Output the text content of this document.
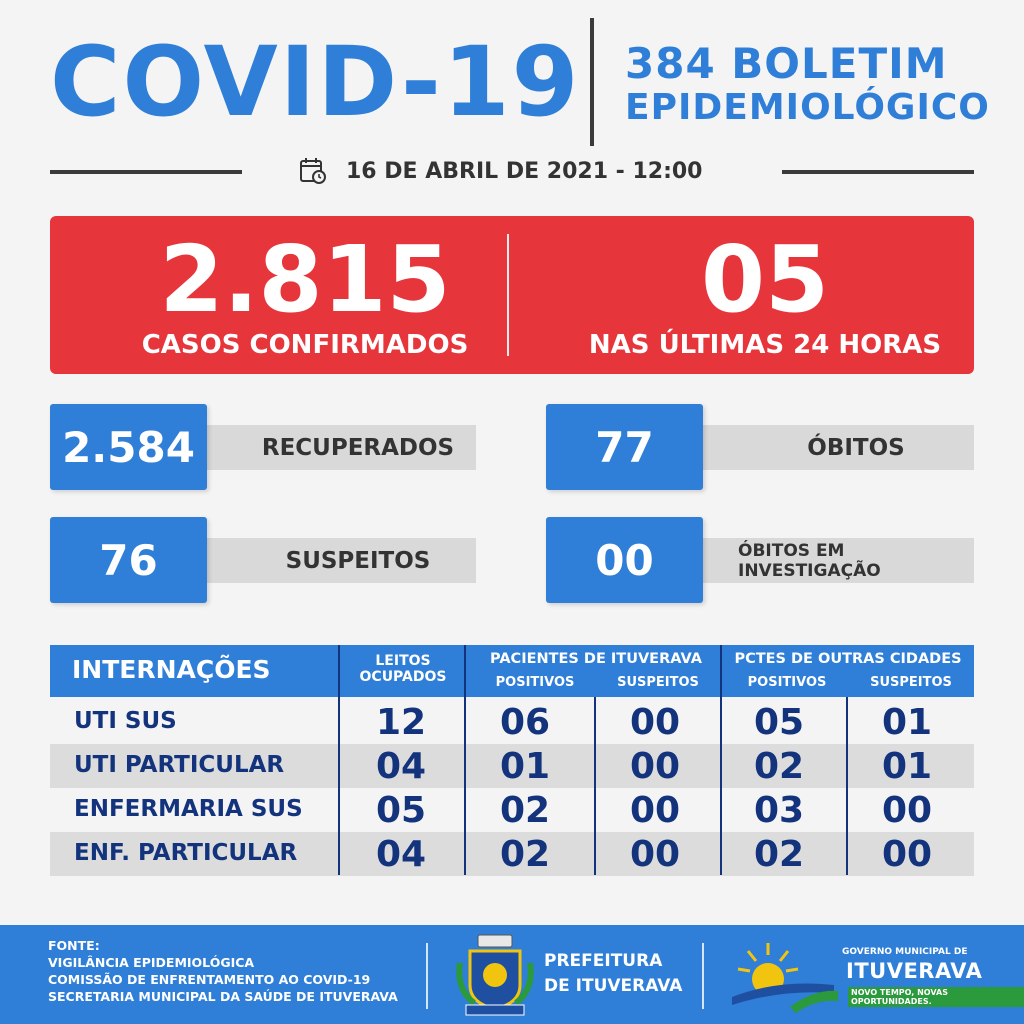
COVID-19 384 BOLETIM
EPIDEMIOLÓGICO
16 DE ABRIL DE 2021 - 12:00
2.815
CASOS CONFIRMADOS
05
NAS ÚLTIMAS 24 HORAS
RECUPERADOS
2.584	ÓBITOS
77
SUSPEITOS
76	ÓBITOS EM INVESTIGAÇÃO
00
INTERNAÇÕES	LEITOS
OCUPADOS
PACIENTES DE ITUVERAVA
POSITIVOS	SUSPEITOS
PCTES DE OUTRAS CIDADES
POSITIVOS	SUSPEITOS
UTI SUS	12	06	00	05	01
UTI PARTICULAR	04	01	00	02	01
ENFERMARIA SUS	05	02	00	03	00
ENF. PARTICULAR	04	02	00	02	00
FONTE:
VIGILÂNCIA EPIDEMIOLÓGICA
COMISSÃO DE ENFRENTAMENTO AO COVID-19
SECRETARIA MUNICIPAL DA SAÚDE DE ITUVERAVA
PREFEITURA
DE ITUVERAVA
GOVERNO MUNICIPAL DE
ITUVERAVA
NOVO TEMPO, NOVAS OPORTUNIDADES.
